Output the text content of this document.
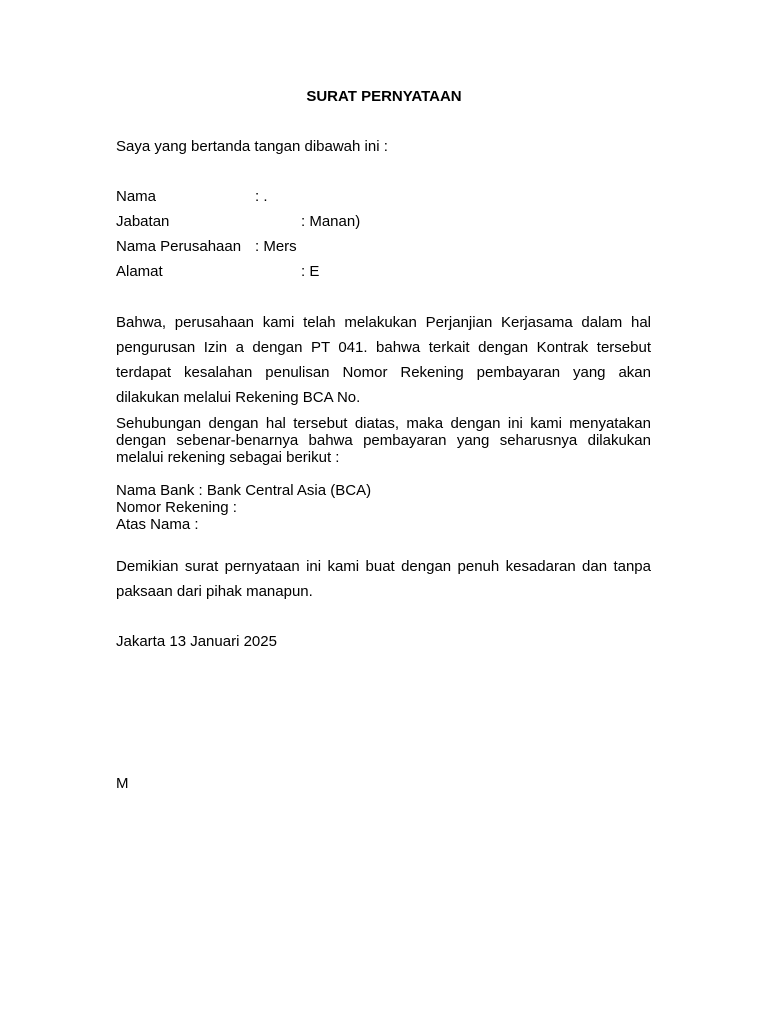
SURAT PERNYATAAN
Saya yang bertanda tangan dibawah ini :
Nama	: .
Jabatan	: Manan)
Nama Perusahaan : Mers
Alamat	: E
Bahwa, perusahaan kami telah melakukan Perjanjian Kerjasama dalam hal pengurusan Izin a dengan PT 041. bahwa terkait dengan Kontrak tersebut terdapat kesalahan penulisan Nomor Rekening pembayaran yang akan dilakukan melalui Rekening BCA No.
Sehubungan dengan hal tersebut diatas, maka dengan ini kami menyatakan dengan sebenar-benarnya bahwa pembayaran yang seharusnya dilakukan melalui rekening sebagai berikut :
Nama Bank : Bank Central Asia (BCA)
Nomor Rekening :
Atas Nama :
Demikian surat pernyataan ini kami buat dengan penuh kesadaran dan tanpa paksaan dari pihak manapun.
Jakarta 13 Januari 2025
M
